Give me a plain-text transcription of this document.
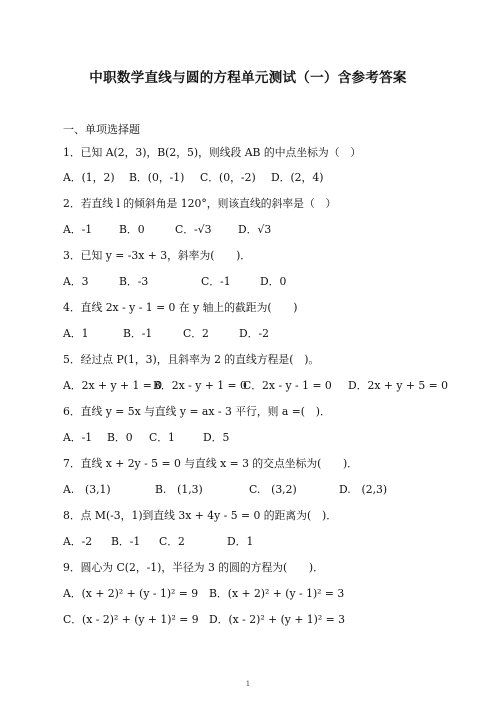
中职数学直线与圆的方程单元测试（一）含参考答案
一、单项选择题
1．已知 A(2，3)，B(2，5)，则线段 AB 的中点坐标为（　）
A．(1，2) B．(0，-1) C．(0，-2) D．(2，4)
2．若直线 l 的倾斜角是 120°，则该直线的斜率是（　）
A．-1 B．0	C．-√3 D．√3
3．已知 y = -3x + 3，斜率为(　　)．
A．3	B．-3	C．-1	D．0
4．直线 2x - y - 1 = 0 在 y 轴上的截距为(　　)
A．1	B．-1	C．2	D．-2
5．经过点 P(1，3)，且斜率为 2 的直线方程是(　)。
A．2x + y + 1 = 0
B．2x - y + 1 = 0
C．2x - y - 1 = 0 D．2x + y + 5 = 0
6．直线 y = 5x 与直线 y = ax - 3 平行，则 a =(　)．
A．-1 B．0 C．1	D．5
7．直线 x + 2y - 5 = 0 与直线 x = 3 的交点坐标为(　　)．
A.　(3,1)	B.　(1,3)	C.　(3,2)	D.　(2,3)
8．点 M(-3，1)到直线 3x + 4y - 5 = 0 的距离为(　)．
A．-2 B．-1 C．2	D．1
9．圆心为 C(2，-1)，半径为 3 的圆的方程为(　　)．
A．(x + 2)² + (y - 1)² = 9 B．(x + 2)² + (y - 1)² = 3
C．(x - 2)² + (y + 1)² = 9 D．(x - 2)² + (y + 1)² = 3
1
